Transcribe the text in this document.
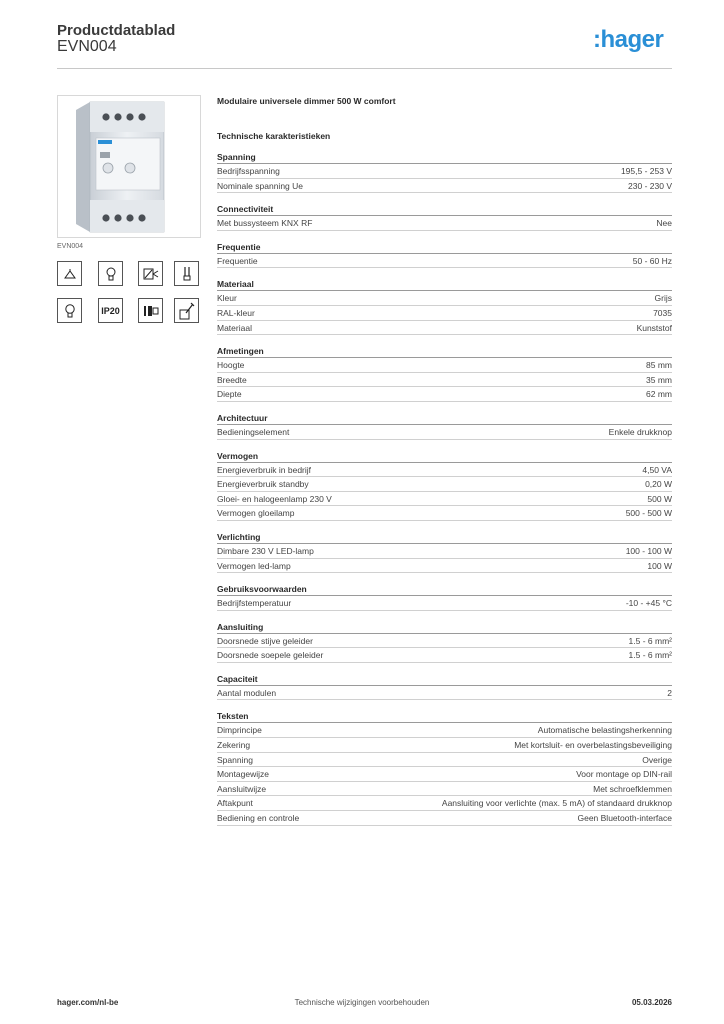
Productdatablad
EVN004	:hager
EVN004
IP20
Modulaire universele dimmer 500 W comfort
Technische karakteristieken
Spanning
Bedrijfsspanning	195,5 - 253 V
Nominale spanning Ue	230 - 230 V
Connectiviteit
Met bussysteem KNX RF	Nee
Frequentie
Frequentie	50 - 60 Hz
Materiaal
Kleur	Grijs
RAL-kleur	7035
Materiaal	Kunststof
Afmetingen
Hoogte	85 mm
Breedte	35 mm
Diepte	62 mm
Architectuur
Bedieningselement	Enkele drukknop
Vermogen
Energieverbruik in bedrijf	4,50 VA
Energieverbruik standby	0,20 W
Gloei- en halogeenlamp 230 V	500 W
Vermogen gloeilamp	500 - 500 W
Verlichting
Dimbare 230 V LED-lamp	100 - 100 W
Vermogen led-lamp	100 W
Gebruiksvoorwaarden
Bedrijfstemperatuur	-10 - +45 °C
Aansluiting
Doorsnede stijve geleider	1.5 - 6 mm²
Doorsnede soepele geleider	1.5 - 6 mm²
Capaciteit
Aantal modulen	2
Teksten
Dimprincipe	Automatische belastingsherkenning
Zekering	Met kortsluit- en overbelastingsbeveiliging
Spanning	Overige
Montagewijze	Voor montage op DIN-rail
Aansluitwijze	Met schroefklemmen
Aftakpunt	Aansluiting voor verlichte (max. 5 mA) of standaard drukknop
Bediening en controle	Geen Bluetooth-interface
hager.com/nl-be	Technische wijzigingen voorbehouden	05.03.2026
